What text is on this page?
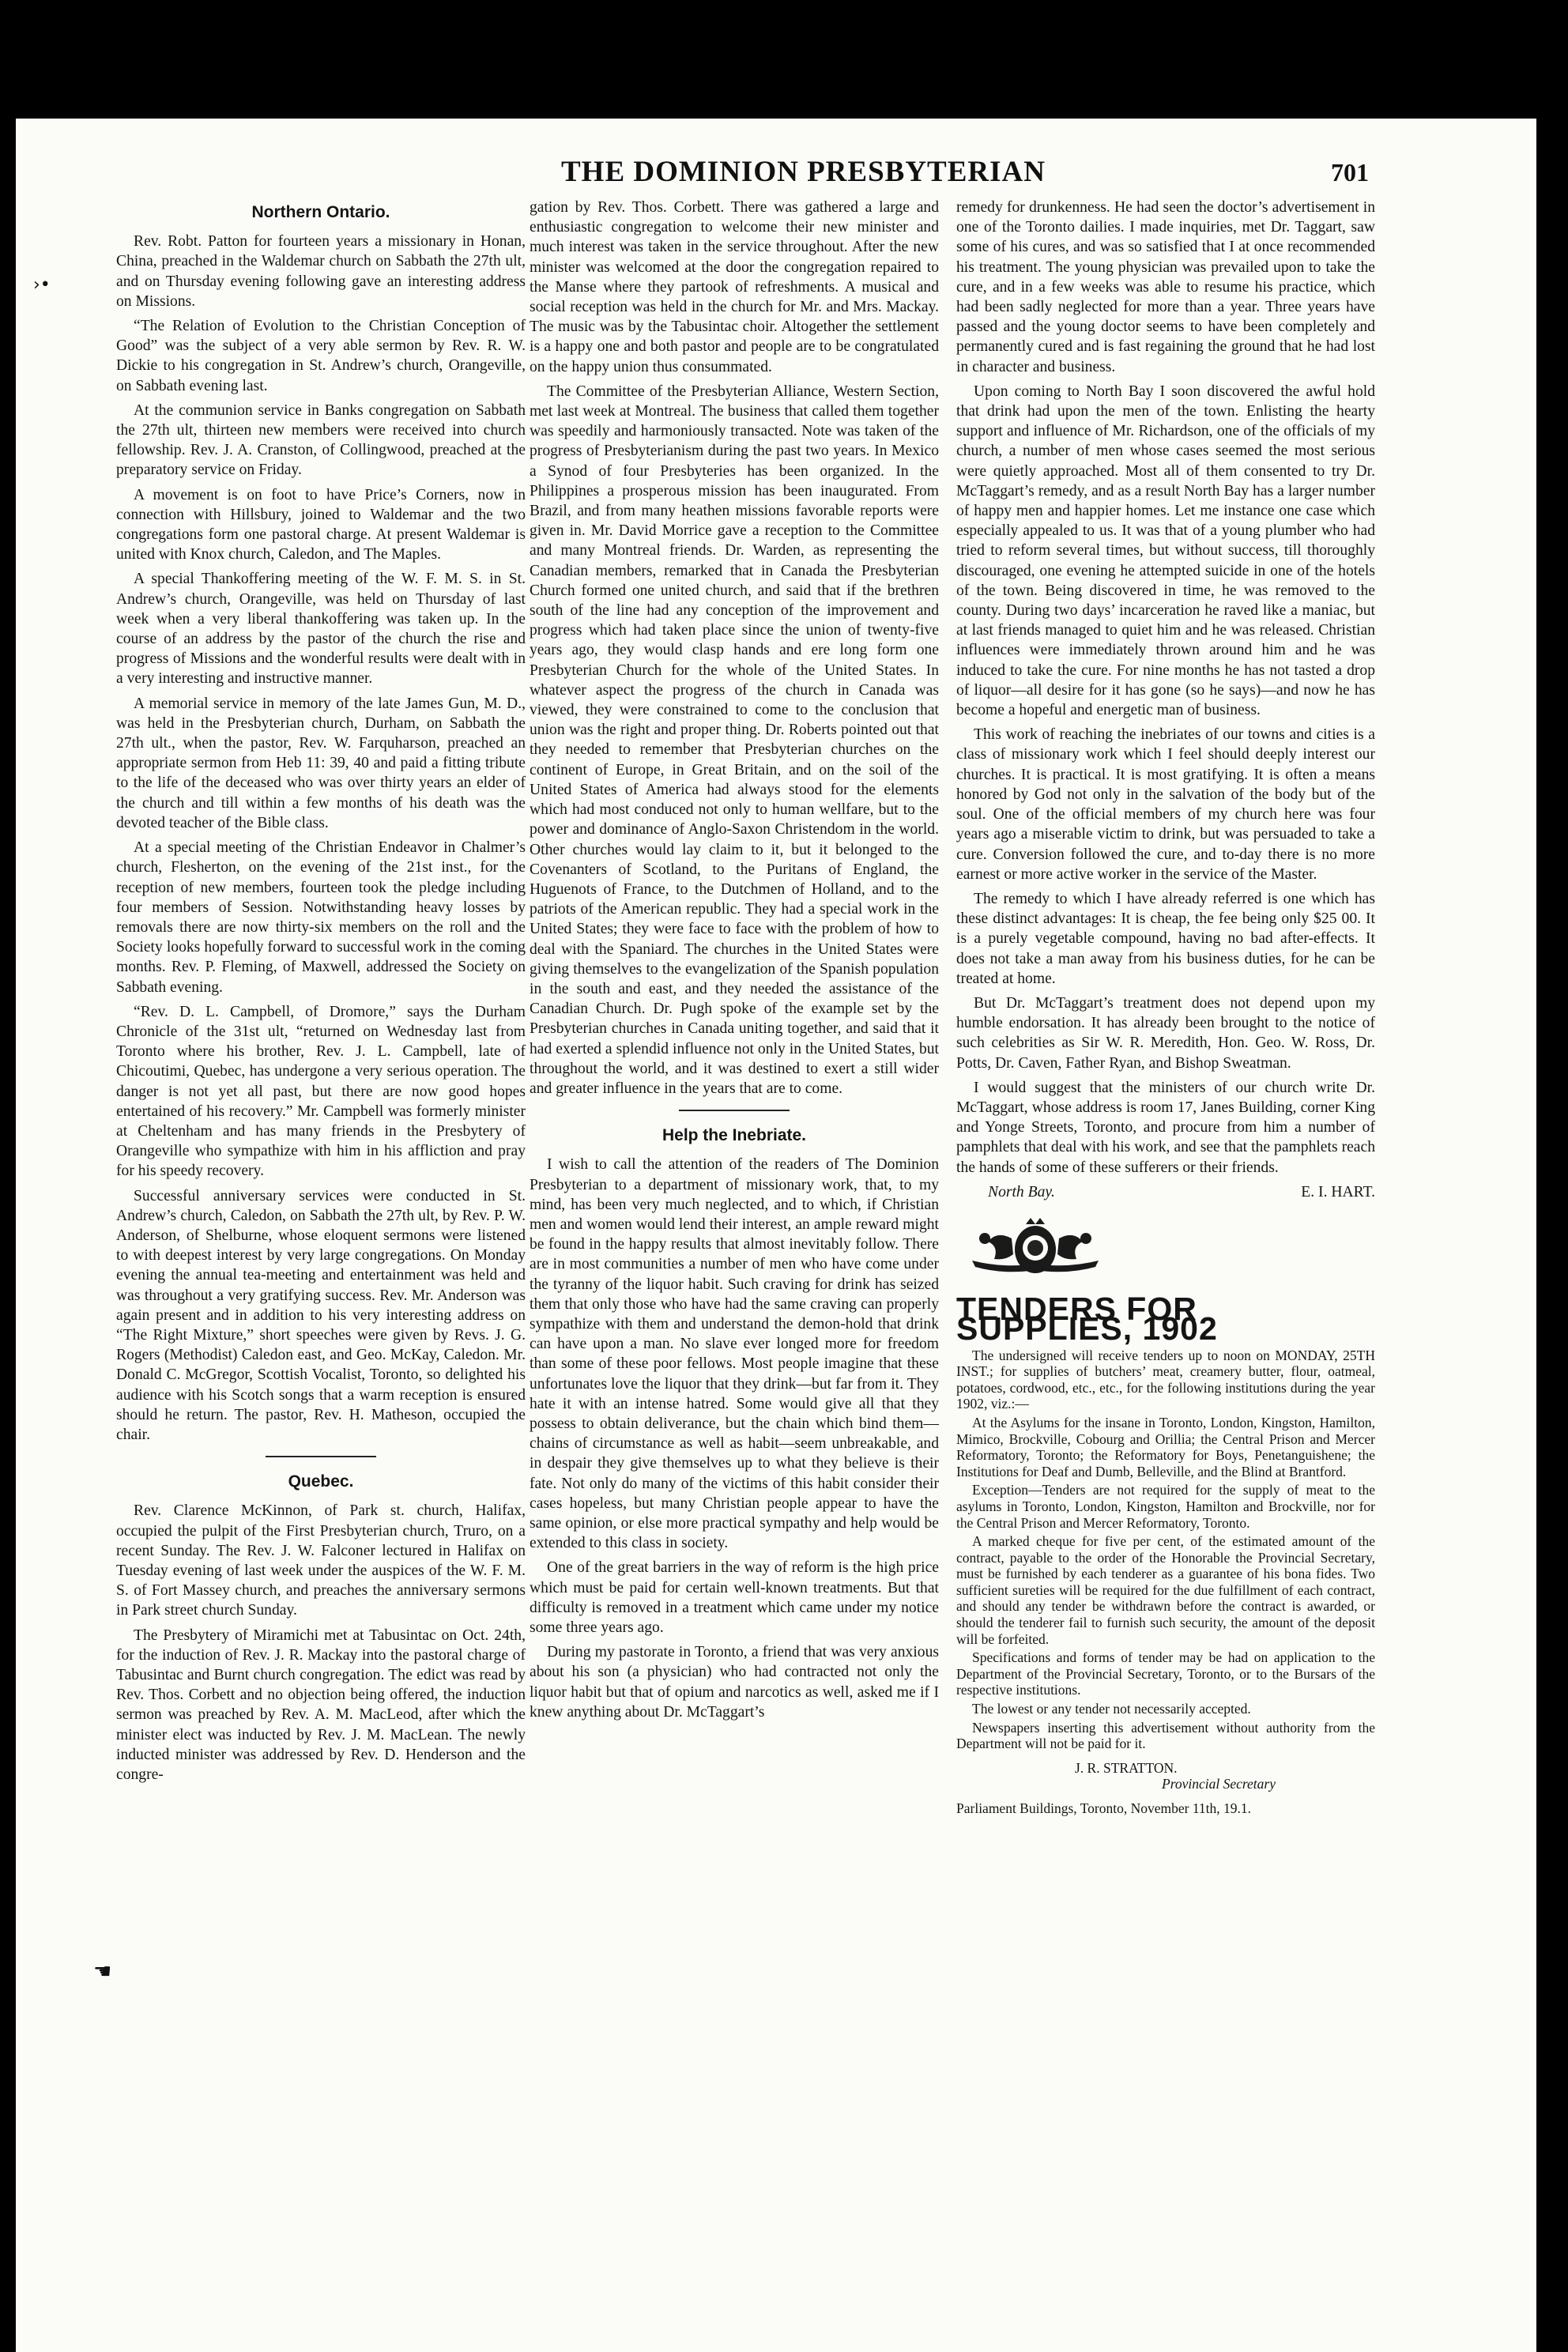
THE DOMINION PRESBYTERIAN	701
Northern Ontario.

Rev. Robt. Patton for fourteen years a missionary in Honan, China, preached in the Waldemar church on Sabbath the 27th ult, and on Thursday evening following gave an interesting address on Missions.

“The Relation of Evolution to the Christian Conception of Good” was the subject of a very able sermon by Rev. R. W. Dickie to his congregation in St. Andrew’s church, Orangeville, on Sabbath evening last.

At the communion service in Banks congregation on Sabbath the 27th ult, thirteen new members were received into church fellowship. Rev. J. A. Cranston, of Collingwood, preached at the preparatory service on Friday.

A movement is on foot to have Price’s Corners, now in connection with Hillsbury, joined to Waldemar and the two congregations form one pastoral charge. At present Waldemar is united with Knox church, Caledon, and The Maples.

A special Thankoffering meeting of the W. F. M. S. in St. Andrew’s church, Orangeville, was held on Thursday of last week when a very liberal thankoffering was taken up. In the course of an address by the pastor of the church the rise and progress of Missions and the wonderful results were dealt with in a very interesting and instructive manner.

A memorial service in memory of the late James Gun, M. D., was held in the Presbyterian church, Durham, on Sabbath the 27th ult., when the pastor, Rev. W. Farquharson, preached an appropriate sermon from Heb 11: 39, 40 and paid a fitting tribute to the life of the deceased who was over thirty years an elder of the church and till within a few months of his death was the devoted teacher of the Bible class.

At a special meeting of the Christian Endeavor in Chalmer’s church, Flesherton, on the evening of the 21st inst., for the reception of new members, fourteen took the pledge including four members of Session. Notwithstanding heavy losses by removals there are now thirty-six members on the roll and the Society looks hopefully forward to successful work in the coming months. Rev. P. Fleming, of Maxwell, addressed the Society on Sabbath evening.

“Rev. D. L. Campbell, of Dromore,” says the Durham Chronicle of the 31st ult, “returned on Wednesday last from Toronto where his brother, Rev. J. L. Campbell, late of Chicoutimi, Quebec, has undergone a very serious operation. The danger is not yet all past, but there are now good hopes entertained of his recovery.” Mr. Campbell was formerly minister at Cheltenham and has many friends in the Presbytery of Orangeville who sympathize with him in his affliction and pray for his speedy recovery.

Successful anniversary services were conducted in St. Andrew’s church, Caledon, on Sabbath the 27th ult, by Rev. P. W. Anderson, of Shelburne, whose eloquent sermons were listened to with deepest interest by very large congregations. On Monday evening the annual tea-meeting and entertainment was held and was throughout a very gratifying success. Rev. Mr. Anderson was again present and in addition to his very interesting address on “The Right Mixture,” short speeches were given by Revs. J. G. Rogers (Methodist) Caledon east, and Geo. McKay, Caledon. Mr. Donald C. McGregor, Scottish Vocalist, Toronto, so delighted his audience with his Scotch songs that a warm reception is ensured should he return. The pastor, Rev. H. Matheson, occupied the chair.

Quebec.

Rev. Clarence McKinnon, of Park st. church, Halifax, occupied the pulpit of the First Presbyterian church, Truro, on a recent Sunday. The Rev. J. W. Falconer lectured in Halifax on Tuesday evening of last week under the auspices of the W. F. M. S. of Fort Massey church, and preaches the anniversary sermons in Park street church Sunday.

The Presbytery of Miramichi met at Tabusintac on Oct. 24th, for the induction of Rev. J. R. Mackay into the pastoral charge of Tabusintac and Burnt church congregation. The edict was read by Rev. Thos. Corbett and no objection being offered, the induction sermon was preached by Rev. A. M. MacLeod, after which the minister elect was inducted by Rev. J. M. MacLean. The newly inducted minister was addressed by Rev. D. Henderson and the congre-

gation by Rev. Thos. Corbett. There was gathered a large and enthusiastic congregation to welcome their new minister and much interest was taken in the service throughout. After the new minister was welcomed at the door the congregation repaired to the Manse where they partook of refreshments. A musical and social reception was held in the church for Mr. and Mrs. Mackay. The music was by the Tabusintac choir. Altogether the settlement is a happy one and both pastor and people are to be congratulated on the happy union thus consummated.

The Committee of the Presbyterian Alliance, Western Section, met last week at Montreal. The business that called them together was speedily and harmoniously transacted. Note was taken of the progress of Presbyterianism during the past two years. In Mexico a Synod of four Presbyteries has been organized. In the Philippines a prosperous mission has been inaugurated. From Brazil, and from many heathen missions favorable reports were given in. Mr. David Morrice gave a reception to the Committee and many Montreal friends. Dr. Warden, as representing the Canadian members, remarked that in Canada the Presbyterian Church formed one united church, and said that if the brethren south of the line had any conception of the improvement and progress which had taken place since the union of twenty-five years ago, they would clasp hands and ere long form one Presbyterian Church for the whole of the United States. In whatever aspect the progress of the church in Canada was viewed, they were constrained to come to the conclusion that union was the right and proper thing. Dr. Roberts pointed out that they needed to remember that Presbyterian churches on the continent of Europe, in Great Britain, and on the soil of the United States of America had always stood for the elements which had most conduced not only to human wellfare, but to the power and dominance of Anglo-Saxon Christendom in the world. Other churches would lay claim to it, but it belonged to the Covenanters of Scotland, to the Puritans of England, the Huguenots of France, to the Dutchmen of Holland, and to the patriots of the American republic. They had a special work in the United States; they were face to face with the problem of how to deal with the Spaniard. The churches in the United States were giving themselves to the evangelization of the Spanish population in the south and east, and they needed the assistance of the Canadian Church. Dr. Pugh spoke of the example set by the Presbyterian churches in Canada uniting together, and said that it had exerted a splendid influence not only in the United States, but throughout the world, and it was destined to exert a still wider and greater influence in the years that are to come.

Help the Inebriate.

I wish to call the attention of the readers of The Dominion Presbyterian to a department of missionary work, that, to my mind, has been very much neglected, and to which, if Christian men and women would lend their interest, an ample reward might be found in the happy results that almost inevitably follow. There are in most communities a number of men who have come under the tyranny of the liquor habit. Such craving for drink has seized them that only those who have had the same craving can properly sympathize with them and understand the demon-hold that drink can have upon a man. No slave ever longed more for freedom than some of these poor fellows. Most people imagine that these unfortunates love the liquor that they drink—but far from it. They hate it with an intense hatred. Some would give all that they possess to obtain deliverance, but the chain which bind them—chains of circumstance as well as habit—seem unbreakable, and in despair they give themselves up to what they believe is their fate. Not only do many of the victims of this habit consider their cases hopeless, but many Christian people appear to have the same opinion, or else more practical sympathy and help would be extended to this class in society.

One of the great barriers in the way of reform is the high price which must be paid for certain well-known treatments. But that difficulty is removed in a treatment which came under my notice some three years ago.

During my pastorate in Toronto, a friend that was very anxious about his son (a physician) who had contracted not only the liquor habit but that of opium and narcotics as well, asked me if I knew anything about Dr. McTaggart’s

remedy for drunkenness. He had seen the doctor’s advertisement in one of the Toronto dailies. I made inquiries, met Dr. Taggart, saw some of his cures, and was so satisfied that I at once recommended his treatment. The young physician was prevailed upon to take the cure, and in a few weeks was able to resume his practice, which had been sadly neglected for more than a year. Three years have passed and the young doctor seems to have been completely and permanently cured and is fast regaining the ground that he had lost in character and business.

Upon coming to North Bay I soon discovered the awful hold that drink had upon the men of the town. Enlisting the hearty support and influence of Mr. Richardson, one of the officials of my church, a number of men whose cases seemed the most serious were quietly approached. Most all of them consented to try Dr. McTaggart’s remedy, and as a result North Bay has a larger number of happy men and happier homes. Let me instance one case which especially appealed to us. It was that of a young plumber who had tried to reform several times, but without success, till thoroughly discouraged, one evening he attempted suicide in one of the hotels of the town. Being discovered in time, he was removed to the county. During two days’ incarceration he raved like a maniac, but at last friends managed to quiet him and he was released. Christian influences were immediately thrown around him and he was induced to take the cure. For nine months he has not tasted a drop of liquor—all desire for it has gone (so he says)—and now he has become a hopeful and energetic man of business.

This work of reaching the inebriates of our towns and cities is a class of missionary work which I feel should deeply interest our churches. It is practical. It is most gratifying. It is often a means honored by God not only in the salvation of the body but of the soul. One of the official members of my church here was four years ago a miserable victim to drink, but was persuaded to take a cure. Conversion followed the cure, and to-day there is no more earnest or more active worker in the service of the Master.

The remedy to which I have already referred is one which has these distinct advantages: It is cheap, the fee being only $25 00. It is a purely vegetable compound, having no bad after-effects. It does not take a man away from his business duties, for he can be treated at home.

But Dr. McTaggart’s treatment does not depend upon my humble endorsation. It has already been brought to the notice of such celebrities as Sir W. R. Meredith, Hon. Geo. W. Ross, Dr. Potts, Dr. Caven, Father Ryan, and Bishop Sweatman.

I would suggest that the ministers of our church write Dr. McTaggart, whose address is room 17, Janes Building, corner King and Yonge Streets, Toronto, and procure from him a number of pamphlets that deal with his work, and see that the pamphlets reach the hands of some of these sufferers or their friends.

North Bay.	E. I. HART.
TENDERS FOR SUPPLIES, 1902

The undersigned will receive tenders up to noon on MONDAY, 25TH INST.; for supplies of butchers’ meat, creamery butter, flour, oatmeal, potatoes, cordwood, etc., etc., for the following institutions during the year 1902, viz.:—

At the Asylums for the insane in Toronto, London, Kingston, Hamilton, Mimico, Brockville, Cobourg and Orillia; the Central Prison and Mercer Reformatory, Toronto; the Reformatory for Boys, Penetanguishene; the Institutions for Deaf and Dumb, Belleville, and the Blind at Brantford.

Exception—Tenders are not required for the supply of meat to the asylums in Toronto, London, Kingston, Hamilton and Brockville, nor for the Central Prison and Mercer Reformatory, Toronto.

A marked cheque for five per cent, of the estimated amount of the contract, payable to the order of the Honorable the Provincial Secretary, must be furnished by each tenderer as a guarantee of his bona fides. Two sufficient sureties will be required for the due fulfillment of each contract, and should any tender be withdrawn before the contract is awarded, or should the tenderer fail to furnish such security, the amount of the deposit will be forfeited.

Specifications and forms of tender may be had on application to the Department of the Provincial Secretary, Toronto, or to the Bursars of the respective institutions.

The lowest or any tender not necessarily accepted.

Newspapers inserting this advertisement without authority from the Department will not be paid for it.

J. R. STRATTON.
Provincial Secretary

Parliament Buildings, Toronto, November 11th, 19.1.

›•
☚
